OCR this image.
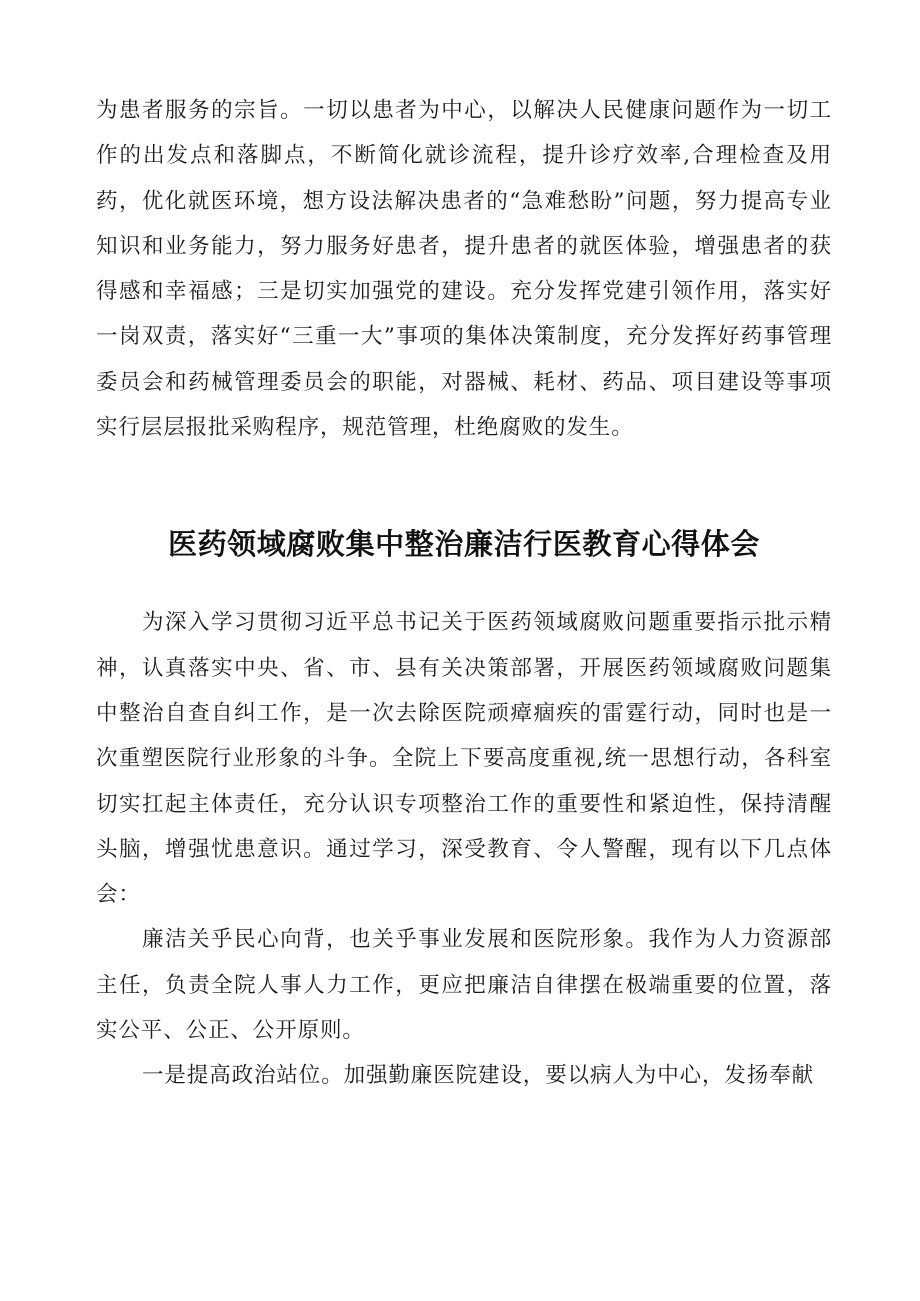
为患者服务的宗旨。一切以患者为中心，以解决人民健康问题作为一切工作的出发点和落脚点，不断简化就诊流程，提升诊疗效率,合理检查及用药，优化就医环境，想方设法解决患者的“急难愁盼”问题，努力提高专业知识和业务能力，努力服务好患者，提升患者的就医体验，增强患者的获得感和幸福感；三是切实加强党的建设。充分发挥党建引领作用，落实好一岗双责，落实好“三重一大”事项的集体决策制度，充分发挥好药事管理委员会和药械管理委员会的职能，对器械、耗材、药品、项目建设等事项实行层层报批采购程序，规范管理，杜绝腐败的发生。

医药领域腐败集中整治廉洁行医教育心得体会

为深入学习贯彻习近平总书记关于医药领域腐败问题重要指示批示精神，认真落实中央、省、市、县有关决策部署，开展医药领域腐败问题集中整治自查自纠工作，是一次去除医院顽瘴痼疾的雷霆行动，同时也是一次重塑医院行业形象的斗争。全院上下要高度重视,统一思想行动，各科室切实扛起主体责任，充分认识专项整治工作的重要性和紧迫性，保持清醒头脑，增强忧患意识。通过学习，深受教育、令人警醒，现有以下几点体会：

廉洁关乎民心向背，也关乎事业发展和医院形象。我作为人力资源部主任，负责全院人事人力工作，更应把廉洁自律摆在极端重要的位置，落实公平、公正、公开原则。

一是提高政治站位。加强勤廉医院建设，要以病人为中心，发扬奉献
